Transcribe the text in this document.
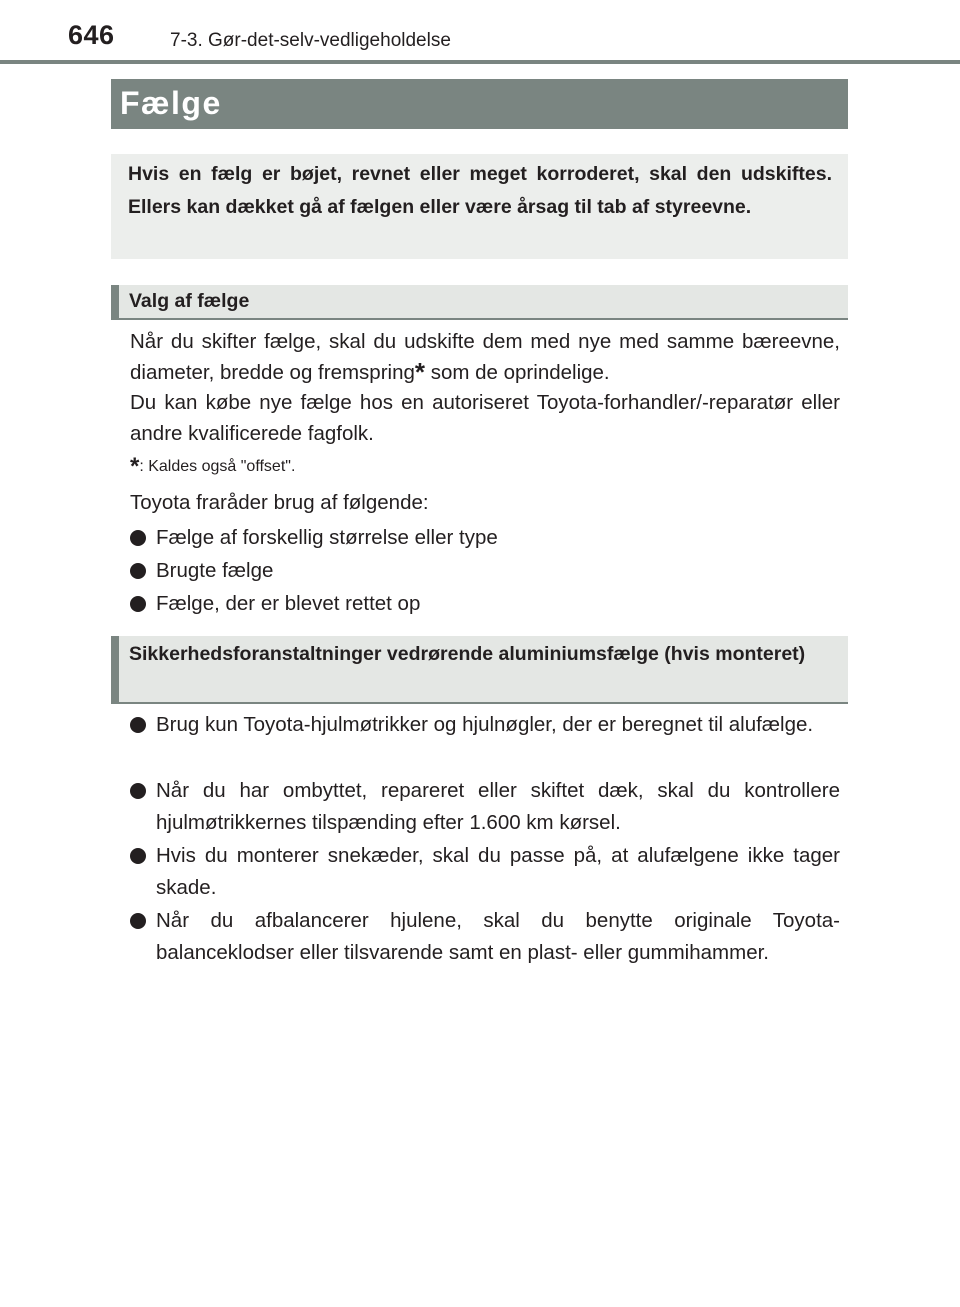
646	7-3. Gør-det-selv-vedligeholdelse
Fælge
Hvis en fælg er bøjet, revnet eller meget korroderet, skal den udskiftes. Ellers kan dækket gå af fælgen eller være årsag til tab af styreevne.
Valg af fælge
Når du skifter fælge, skal du udskifte dem med nye med samme bæreevne, diameter, bredde og fremspring* som de oprindelige.
Du kan købe nye fælge hos en autoriseret Toyota-forhandler/-reparatør eller andre kvalificerede fagfolk.
*: Kaldes også "offset".
Toyota fraråder brug af følgende:
Fælge af forskellig størrelse eller type
Brugte fælge
Fælge, der er blevet rettet op
Sikkerhedsforanstaltninger vedrørende aluminiumsfælge (hvis monteret)
Brug kun Toyota-hjulmøtrikker og hjulnøgler, der er beregnet til alufælge.
Når du har ombyttet, repareret eller skiftet dæk, skal du kontrollere hjulmøtrikkernes tilspænding efter 1.600 km kørsel.
Hvis du monterer snekæder, skal du passe på, at alufælgene ikke tager skade.
Når du afbalancerer hjulene, skal du benytte originale Toyota-balanceklodser eller tilsvarende samt en plast- eller gummihammer.
